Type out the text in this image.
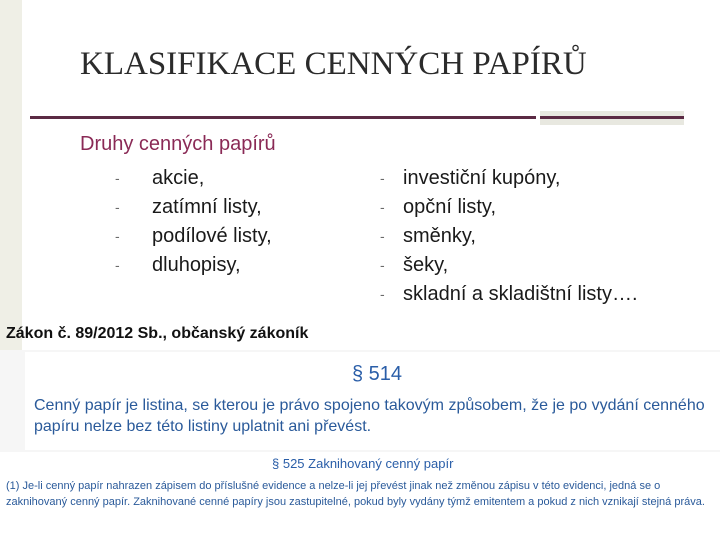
KLASIFIKACE CENNÝCH PAPÍRŮ
Druhy cenných papírů
- akcie,
- zatímní listy,
- podílové listy,
- dluhopisy,
- investiční kupóny,
- opční listy,
- směnky,
- šeky,
- skladní a skladištní listy….
Zákon č. 89/2012 Sb., občanský zákoník
§ 514
Cenný papír je listina, se kterou je právo spojeno takovým způsobem, že je po vydání cenného papíru nelze bez této listiny uplatnit ani převést.
§ 525 Zaknihovaný cenný papír
(1) Je-li cenný papír nahrazen zápisem do příslušné evidence a nelze-li jej převést jinak než změnou zápisu v této evidenci, jedná se o zaknihovaný cenný papír. Zaknihované cenné papíry jsou zastupitelné, pokud byly vydány týmž emitentem a pokud z nich vznikají stejná práva.
